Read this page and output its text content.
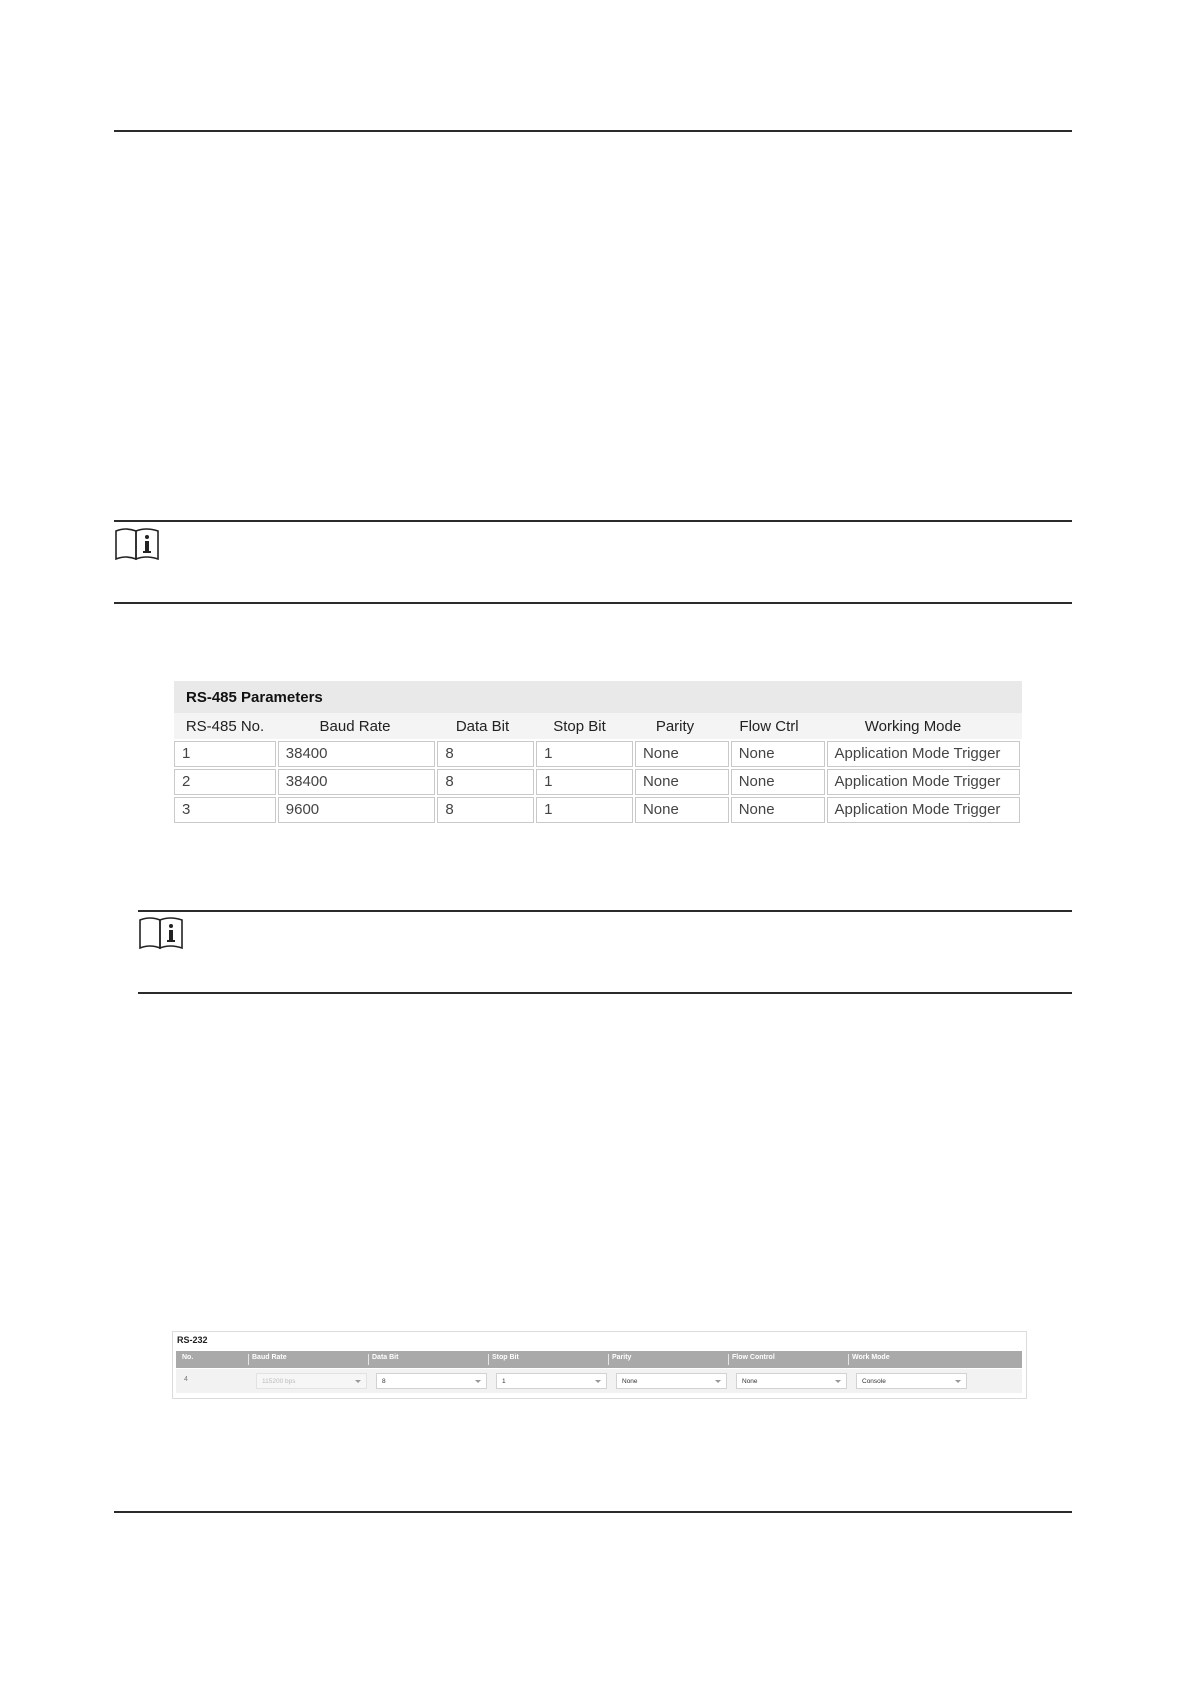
RS-485 Parameters
RS-485 No.	Baud Rate	Data Bit	Stop Bit	Parity	Flow Ctrl	Working Mode
1	38400	8	1	None	None	Application Mode Trigger
2	38400	8	1	None	None	Application Mode Trigger
3	9600	8	1	None	None	Application Mode Trigger
RS-232
No.	Baud Rate	Data Bit	Stop Bit	Parity	Flow Control	Work Mode
4	115200 bps	8	1	None	None	Console
